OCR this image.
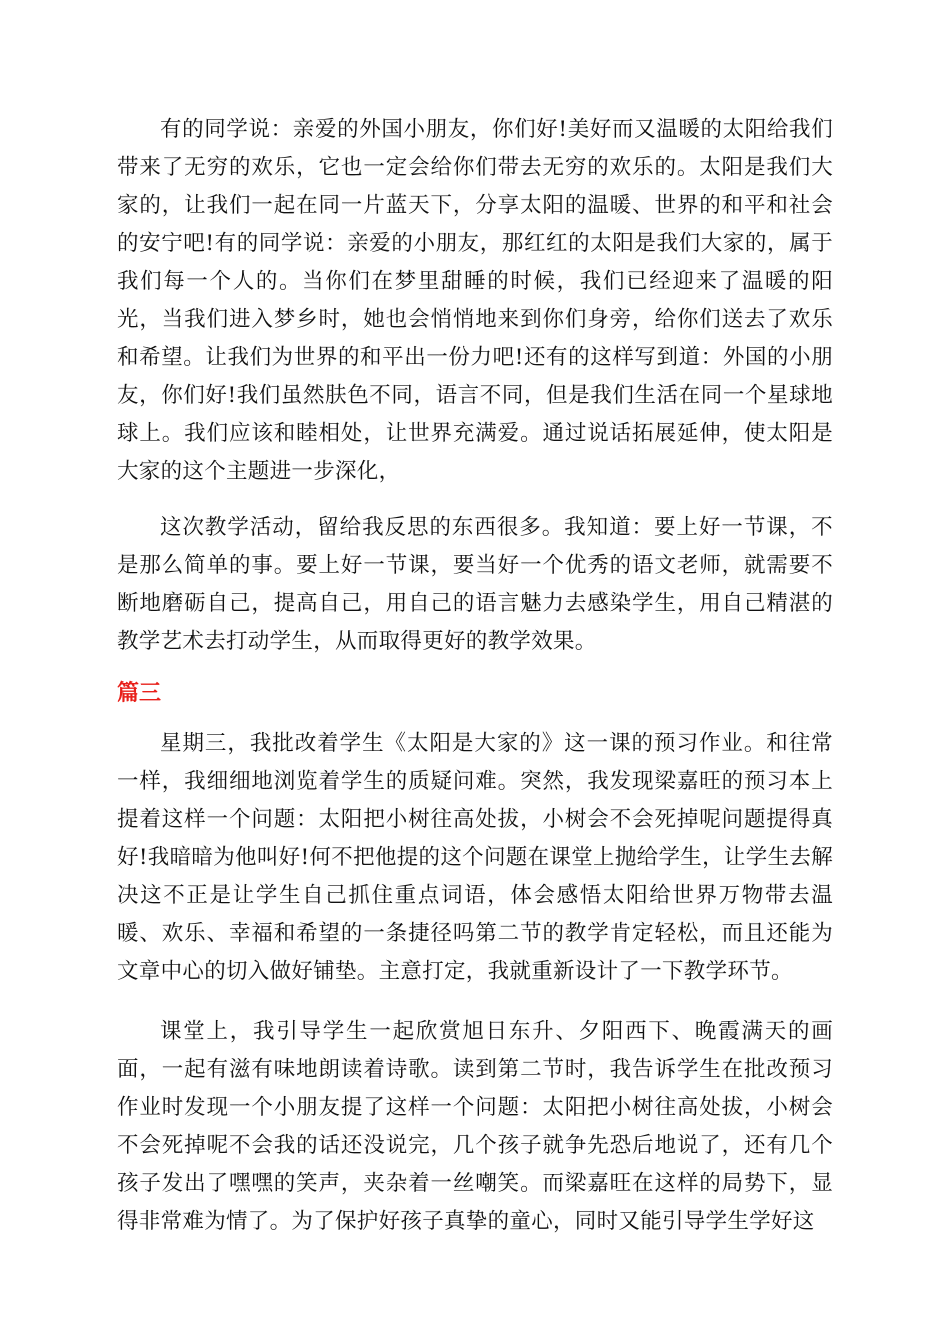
有的同学说：亲爱的外国小朋友，你们好!美好而又温暖的太阳给我们带来了无穷的欢乐，它也一定会给你们带去无穷的欢乐的。太阳是我们大家的，让我们一起在同一片蓝天下，分享太阳的温暖、世界的和平和社会的安宁吧!有的同学说：亲爱的小朋友，那红红的太阳是我们大家的，属于我们每一个人的。当你们在梦里甜睡的时候，我们已经迎来了温暖的阳光，当我们进入梦乡时，她也会悄悄地来到你们身旁，给你们送去了欢乐和希望。让我们为世界的和平出一份力吧!还有的这样写到道：外国的小朋友，你们好!我们虽然肤色不同，语言不同，但是我们生活在同一个星球地球上。我们应该和睦相处，让世界充满爱。通过说话拓展延伸，使太阳是大家的这个主题进一步深化，

这次教学活动，留给我反思的东西很多。我知道：要上好一节课，不是那么简单的事。要上好一节课，要当好一个优秀的语文老师，就需要不断地磨砺自己，提高自己，用自己的语言魅力去感染学生，用自己精湛的教学艺术去打动学生，从而取得更好的教学效果。

篇三

星期三，我批改着学生《太阳是大家的》这一课的预习作业。和往常一样，我细细地浏览着学生的质疑问难。突然，我发现梁嘉旺的预习本上提着这样一个问题：太阳把小树往高处拔，小树会不会死掉呢问题提得真好!我暗暗为他叫好!何不把他提的这个问题在课堂上抛给学生，让学生去解决这不正是让学生自己抓住重点词语，体会感悟太阳给世界万物带去温暖、欢乐、幸福和希望的一条捷径吗第二节的教学肯定轻松，而且还能为文章中心的切入做好铺垫。主意打定，我就重新设计了一下教学环节。

课堂上，我引导学生一起欣赏旭日东升、夕阳西下、晚霞满天的画面，一起有滋有味地朗读着诗歌。读到第二节时，我告诉学生在批改预习作业时发现一个小朋友提了这样一个问题：太阳把小树往高处拔，小树会不会死掉呢不会我的话还没说完，几个孩子就争先恐后地说了，还有几个孩子发出了嘿嘿的笑声，夹杂着一丝嘲笑。而梁嘉旺在这样的局势下，显得非常难为情了。为了保护好孩子真挚的童心，同时又能引导学生学好这
